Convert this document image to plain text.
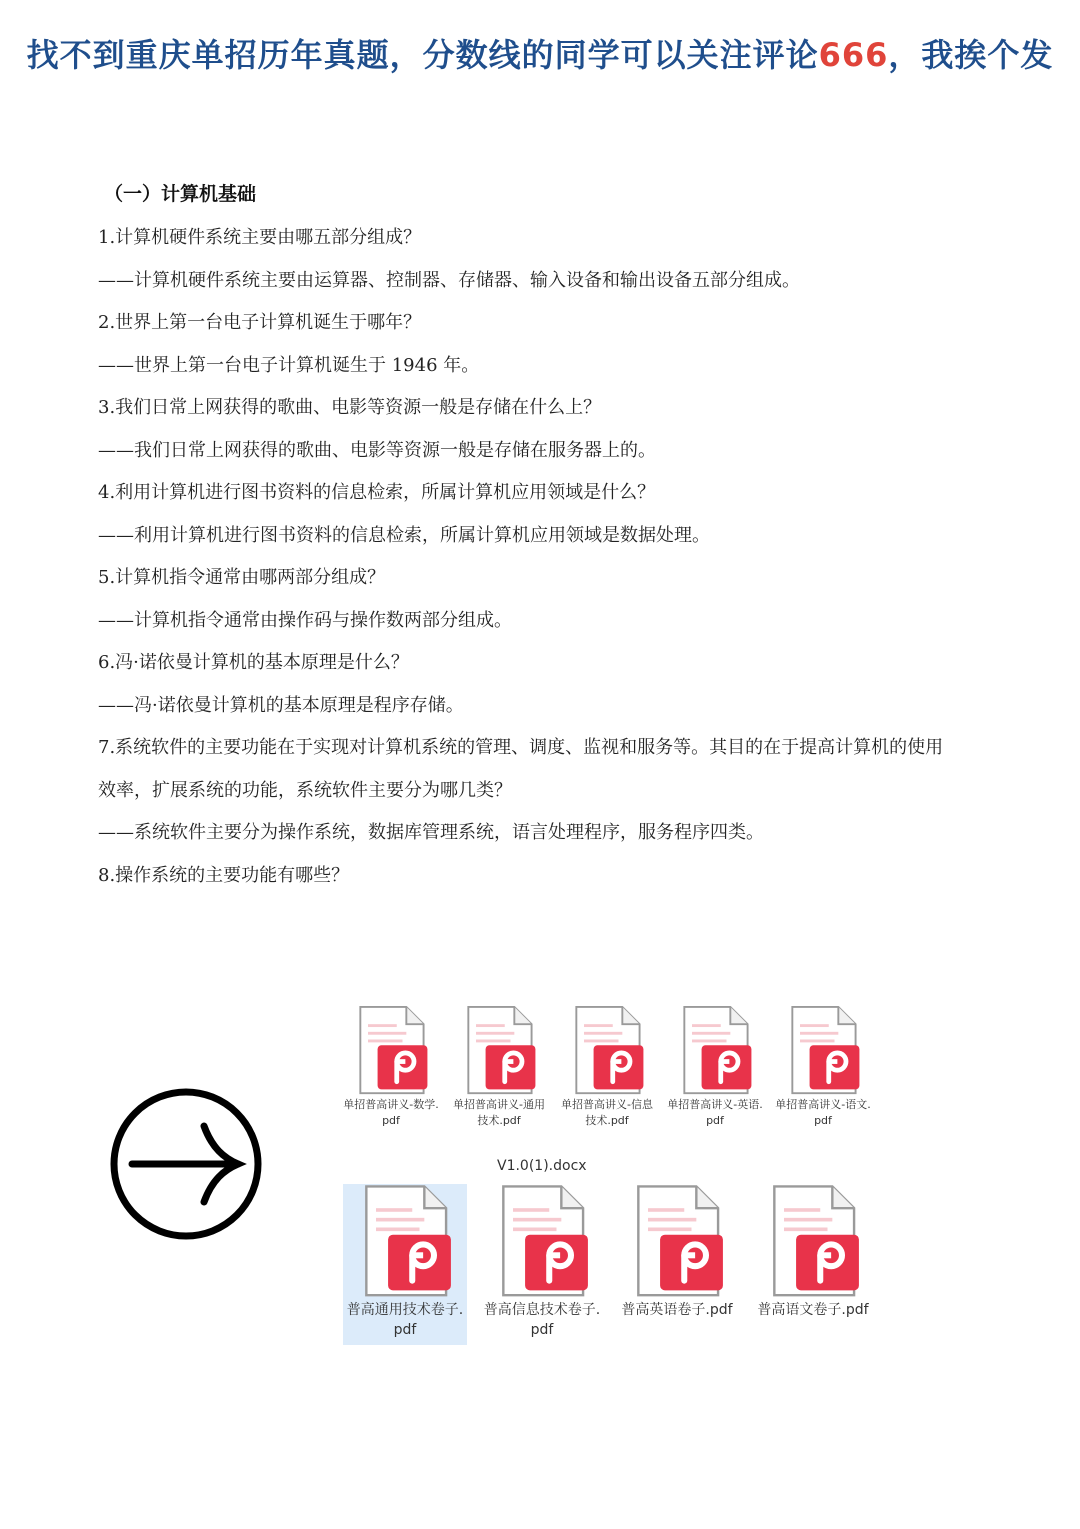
找不到重庆单招历年真题，分数线的同学可以关注评论666，我挨个发
（一）计算机基础
1.计算机硬件系统主要由哪五部分组成？
——计算机硬件系统主要由运算器、控制器、存储器、输入设备和输出设备五部分组成。
2.世界上第一台电子计算机诞生于哪年？
——世界上第一台电子计算机诞生于 1946 年。
3.我们日常上网获得的歌曲、电影等资源一般是存储在什么上？
——我们日常上网获得的歌曲、电影等资源一般是存储在服务器上的。
4.利用计算机进行图书资料的信息检索，所属计算机应用领域是什么？
——利用计算机进行图书资料的信息检索，所属计算机应用领域是数据处理。
5.计算机指令通常由哪两部分组成？
——计算机指令通常由操作码与操作数两部分组成。
6.冯·诺依曼计算机的基本原理是什么？
——冯·诺依曼计算机的基本原理是程序存储。
7.系统软件的主要功能在于实现对计算机系统的管理、调度、监视和服务等。其目的在于提高计算机的使用
效率，扩展系统的功能，系统软件主要分为哪几类？
——系统软件主要分为操作系统，数据库管理系统，语言处理程序，服务程序四类。
8.操作系统的主要功能有哪些？
V1.0(1).docx
单招普高讲义-数学.pdf
单招普高讲义-通用技术.pdf
单招普高讲义-信息技术.pdf
单招普高讲义-英语.pdf
单招普高讲义-语文.pdf
普高通用技术卷子.pdf
普高信息技术卷子.pdf
普高英语卷子.pdf	普高语文卷子.pdf
